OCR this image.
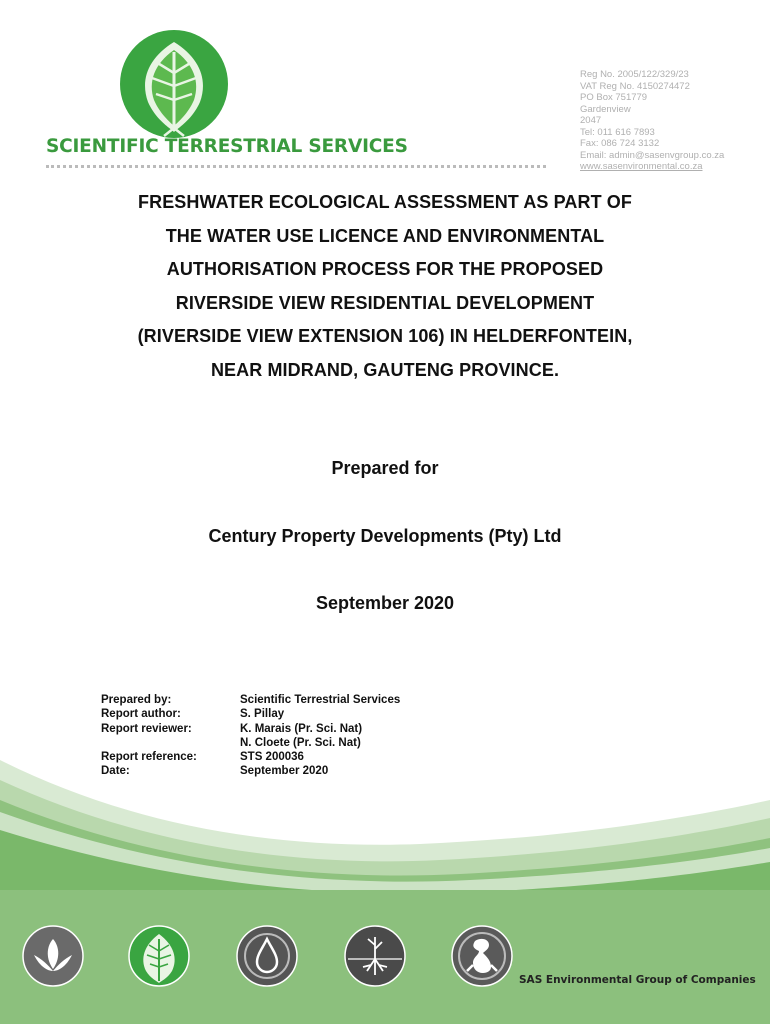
SCIENTIFIC TERRESTRIAL SERVICES
Reg No. 2005/122/329/23
VAT Reg No. 4150274472
PO Box 751779
Gardenview
2047
Tel: 011 616 7893
Fax: 086 724 3132
Email: admin@sasenvgroup.co.za
www.sasenvironmental.co.za
FRESHWATER ECOLOGICAL ASSESSMENT AS PART OF
THE WATER USE LICENCE AND ENVIRONMENTAL
AUTHORISATION PROCESS FOR THE PROPOSED
RIVERSIDE VIEW RESIDENTIAL DEVELOPMENT
(RIVERSIDE VIEW EXTENSION 106) IN HELDERFONTEIN,
NEAR MIDRAND, GAUTENG PROVINCE.
Prepared for
Century Property Developments (Pty) Ltd
September 2020
Prepared by:	Scientific Terrestrial Services
Report author:	S. Pillay
Report reviewer:	K. Marais (Pr. Sci. Nat)
N. Cloete (Pr. Sci. Nat)
Report reference:	STS 200036
Date:	September 2020
SAS Environmental Group of Companies
